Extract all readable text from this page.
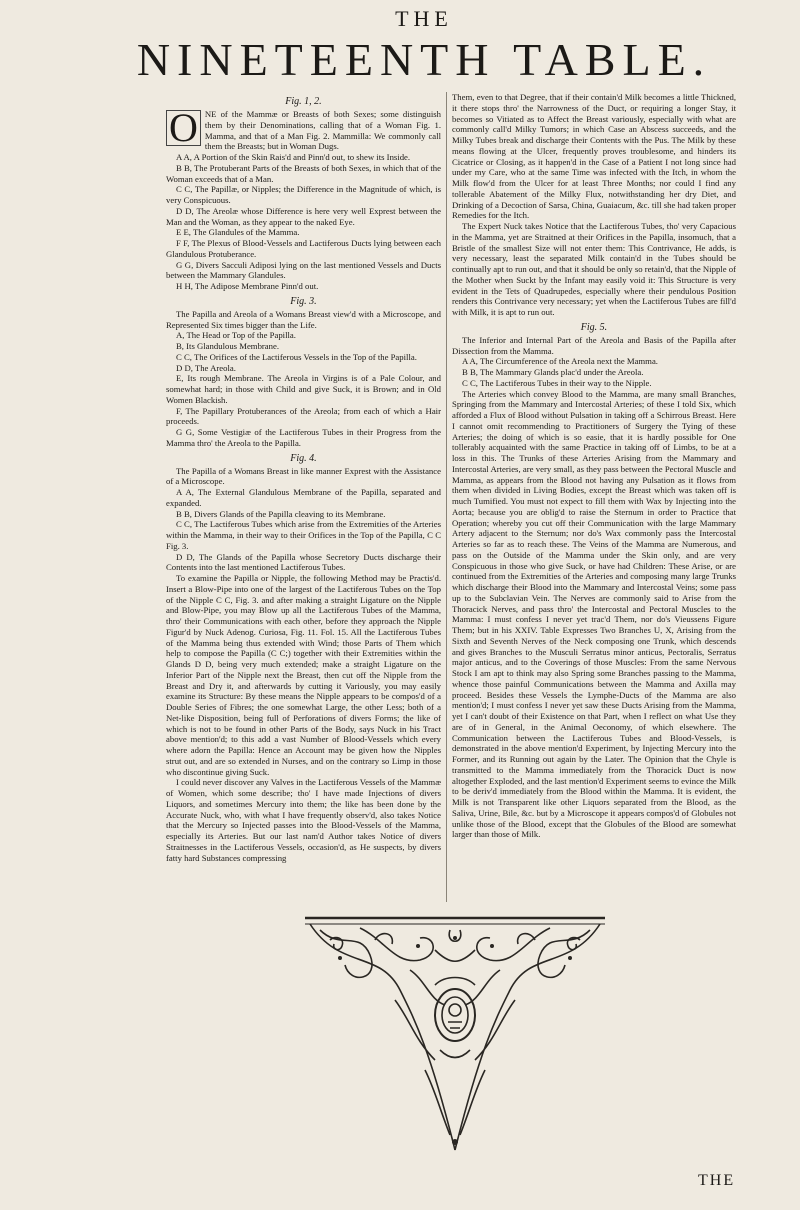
THE
NINETEENTH TABLE.
Fig. 1, 2.

O NE of the Mammæ or Breasts of both Sexes; some distinguish them by their Denominations, calling that of a Woman Fig. 1. Mamma, and that of a Man Fig. 2. Mammilla: We commonly call them the Breasts; but in Woman Dugs.

A A, A Portion of the Skin Rais'd and Pinn'd out, to shew its Inside.

B B, The Protuberant Parts of the Breasts of both Sexes, in which that of the Woman exceeds that of a Man.

C C, The Papillæ, or Nipples; the Difference in the Magnitude of which, is very Conspicuous.

D D, The Areolæ whose Difference is here very well Exprest between the Man and the Woman, as they appear to the naked Eye.

E E, The Glandules of the Mamma.

F F, The Plexus of Blood-Vessels and Lactiferous Ducts lying between each Glandulous Protuberance.

G G, Divers Sacculi Adiposi lying on the last mentioned Vessels and Ducts between the Mammary Glandules.

H H, The Adipose Membrane Pinn'd out.

Fig. 3.

The Papilla and Areola of a Womans Breast view'd with a Microscope, and Represented Six times bigger than the Life.

A, The Head or Top of the Papilla.

B, Its Glandulous Membrane.

C C, The Orifices of the Lactiferous Vessels in the Top of the Papilla.

D D, The Areola.

E, Its rough Membrane. The Areola in Virgins is of a Pale Colour, and somewhat hard; in those with Child and give Suck, it is Brown; and in Old Women Blackish.

F, The Papillary Protuberances of the Areola; from each of which a Hair proceeds.

G G, Some Vestigiæ of the Lactiferous Tubes in their Progress from the Mamma thro' the Areola to the Papilla.

Fig. 4.

The Papilla of a Womans Breast in like manner Exprest with the Assistance of a Microscope.

A A, The External Glandulous Membrane of the Papilla, separated and expanded.

B B, Divers Glands of the Papilla cleaving to its Membrane.

C C, The Lactiferous Tubes which arise from the Extremities of the Arteries within the Mamma, in their way to their Orifices in the Top of the Papilla, C C Fig. 3.

D D, The Glands of the Papilla whose Secretory Ducts discharge their Contents into the last mentioned Lactiferous Tubes.

To examine the Papilla or Nipple, the following Method may be Practis'd. Insert a Blow-Pipe into one of the largest of the Lactiferous Tubes on the Top of the Nipple C C, Fig. 3. and after making a straight Ligature on the Nipple and Blow-Pipe, you may Blow up all the Lactiferous Tubes of the Mamma, thro' their Communications with each other, before they approach the Nipple Figur'd by Nuck Adenog. Curiosa, Fig. 11. Fol. 15. All the Lactiferous Tubes of the Mamma being thus extended with Wind; those Parts of Them which help to compose the Papilla (C C;) together with their Extremities within the Glands D D, being very much extended; make a straight Ligature on the Inferior Part of the Nipple next the Breast, then cut off the Nipple from the Breast and Dry it, and afterwards by cutting it Variously, you may easily examine its Structure: By these means the Nipple appears to be compos'd of a Double Series of Fibres; the one somewhat Large, the other Less; both of a Net-like Disposition, being full of Perforations of divers Forms; the like of which is not to be found in other Parts of the Body, says Nuck in his Tract above mention'd; to this add a vast Number of Blood-Vessels which every where adorn the Papilla: Hence an Account may be given how the Nipples strut out, and are so extended in Nurses, and on the contrary so Limp in those who discontinue giving Suck.

I could never discover any Valves in the Lactiferous Vessels of the Mammæ of Women, which some describe; tho' I have made Injections of divers Liquors, and sometimes Mercury into them; the like has been done by the Accurate Nuck, who, with what I have frequently observ'd, also takes Notice that the Mercury so Injected passes into the Blood-Vessels of the Mamma, especially its Arteries. But our last nam'd Author takes Notice of divers Straitnesses in the Lactiferous Vessels, occasion'd, as He suspects, by divers fatty hard Substances compressing

Them, even to that Degree, that if their contain'd Milk becomes a little Thickned, it there stops thro' the Narrowness of the Duct, or requiring a longer Stay, it becomes so Vitiated as to Affect the Breast variously, especially with what are commonly call'd Milky Tumors; in which Case an Abscess succeeds, and the Milky Tubes break and discharge their Contents with the Pus. The Milk by these means flowing at the Ulcer, frequently proves troublesome, and hinders its Cicatrice or Closing, as it happen'd in the Case of a Patient I not long since had under my Care, who at the same Time was infected with the Itch, in whom the Milk flow'd from the Ulcer for at least Three Months; nor could I find any tollerable Abatement of the Milky Flux, notwithstanding her dry Diet, and Drinking of a Decoction of Sarsa, China, Guaiacum, &c. till she had taken proper Remedies for the Itch.

The Expert Nuck takes Notice that the Lactiferous Tubes, tho' very Capacious in the Mamma, yet are Straitned at their Orifices in the Papilla, insomuch, that a Bristle of the smallest Size will not enter them: This Contrivance, He adds, is very necessary, least the separated Milk contain'd in the Tubes should be continually apt to run out, and that it should be only so retain'd, that the Nipple of the Mother when Suckt by the Infant may easily void it: This Structure is very evident in the Tets of Quadrupedes, especially where their pendulous Position renders this Contrivance very necessary; yet when the Lactiferous Tubes are fill'd with Milk, it is apt to run out.

Fig. 5.

The Inferior and Internal Part of the Areola and Basis of the Papilla after Dissection from the Mamma.

A A, The Circumference of the Areola next the Mamma.

B B, The Mammary Glands plac'd under the Areola.

C C, The Lactiferous Tubes in their way to the Nipple.

The Arteries which convey Blood to the Mamma, are many small Branches, Springing from the Mammary and Intercostal Arteries; of these I told Six, which afforded a Flux of Blood without Pulsation in taking off a Schirrous Breast. Here I cannot omit recommending to Practitioners of Surgery the Tying of these Arteries; the doing of which is so easie, that it is hardly possible for One tollerably acquainted with the same Practice in taking off of Limbs, to be at a loss in this. The Trunks of these Arteries Arising from the Mammary and Intercostal Arteries, are very small, as they pass between the Pectoral Muscle and Mamma, as appears from the Blood not having any Pulsation as it flows from them when divided in Living Bodies, except the Breast which was taken off is much Tumified. You must not expect to fill them with Wax by Injecting into the Aorta; because you are oblig'd to raise the Sternum in order to Practice that Operation; whereby you cut off their Communication with the large Mammary Artery adjacent to the Sternum; nor do's Wax commonly pass the Intercostal Arteries so far as to reach these. The Veins of the Mamma are Numerous, and pass on the Outside of the Mamma under the Skin only, and are very Conspicuous in those who give Suck, or have had Children: These Arise, or are continued from the Extremities of the Arteries and composing many large Trunks which discharge their Blood into the Mammary and Intercostal Veins; some pass up to the Subclavian Vein. The Nerves are commonly said to Arise from the Thoracick Nerves, and pass thro' the Intercostal and Pectoral Muscles to the Mamma: I must confess I never yet trac'd Them, nor do's Vieussens Figure Them; but in his XXIV. Table Expresses Two Branches U, X, Arising from the Sixth and Seventh Nerves of the Neck composing one Trunk, which descends and gives Branches to the Musculi Serratus minor anticus, Pectoralis, Serratus major anticus, and to the Coverings of those Muscles: From the same Nervous Stock I am apt to think may also Spring some Branches passing to the Mamma, whence those painful Communications between the Mamma and Axilla may proceed. Besides these Vessels the Lymphe-Ducts of the Mamma are also mention'd; I must confess I never yet saw these Ducts Arising from the Mamma, yet I can't doubt of their Existence on that Part, when I reflect on what Use they are of in General, in the Animal Oeconomy, of which elsewhere. The Communication between the Lactiferous Tubes and Blood-Vessels, is demonstrated in the above mention'd Experiment, by Injecting Mercury into the Former, and its Running out again by the Later. The Opinion that the Chyle is transmitted to the Mamma immediately from the Thoracick Duct is now altogether Exploded, and the last mention'd Experiment seems to evince the Milk to be deriv'd immediately from the Blood within the Mamma. It is evident, the Milk is not Transparent like other Liquors separated from the Blood, as the Saliva, Urine, Bile, &c. but by a Microscope it appears compos'd of Globules not unlike those of the Blood, except that the Globules of the Blood are somewhat larger than those of Milk.

THE
